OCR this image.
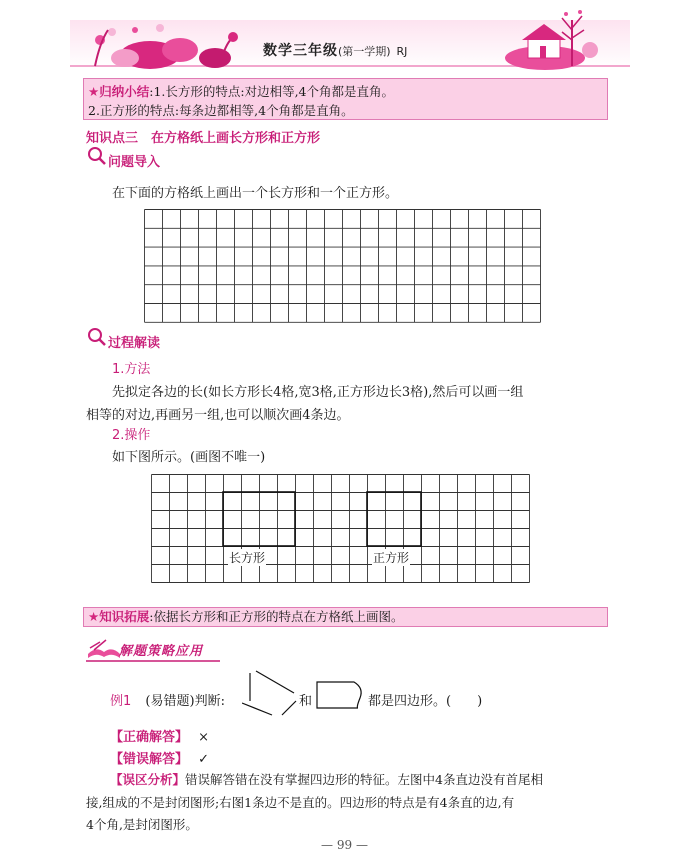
数学三年级(第一学期) RJ
★归纳小结:1.长方形的特点:对边相等,4个角都是直角。
2.正方形的特点:每条边都相等,4个角都是直角。
知识点三　在方格纸上画长方形和正方形
问题导入
在下面的方格纸上画出一个长方形和一个正方形。
过程解读
1.方法
先拟定各边的长(如长方形长4格,宽3格,正方形边长3格),然后可以画一组
相等的对边,再画另一组,也可以顺次画4条边。
2.操作
如下图所示。(画图不唯一)
长方形	正方形
★知识拓展:依据长方形和正方形的特点在方格纸上画图。
解题策略应用
例1 (易错题)判断:	和	都是四边形。(　　)
【正确解答】 ×
【错误解答】 ✓
【误区分析】错误解答错在没有掌握四边形的特征。左图中4条直边没有首尾相
接,组成的不是封闭图形;右图1条边不是直的。四边形的特点是有4条直的边,有
4个角,是封闭图形。
— 99 —
